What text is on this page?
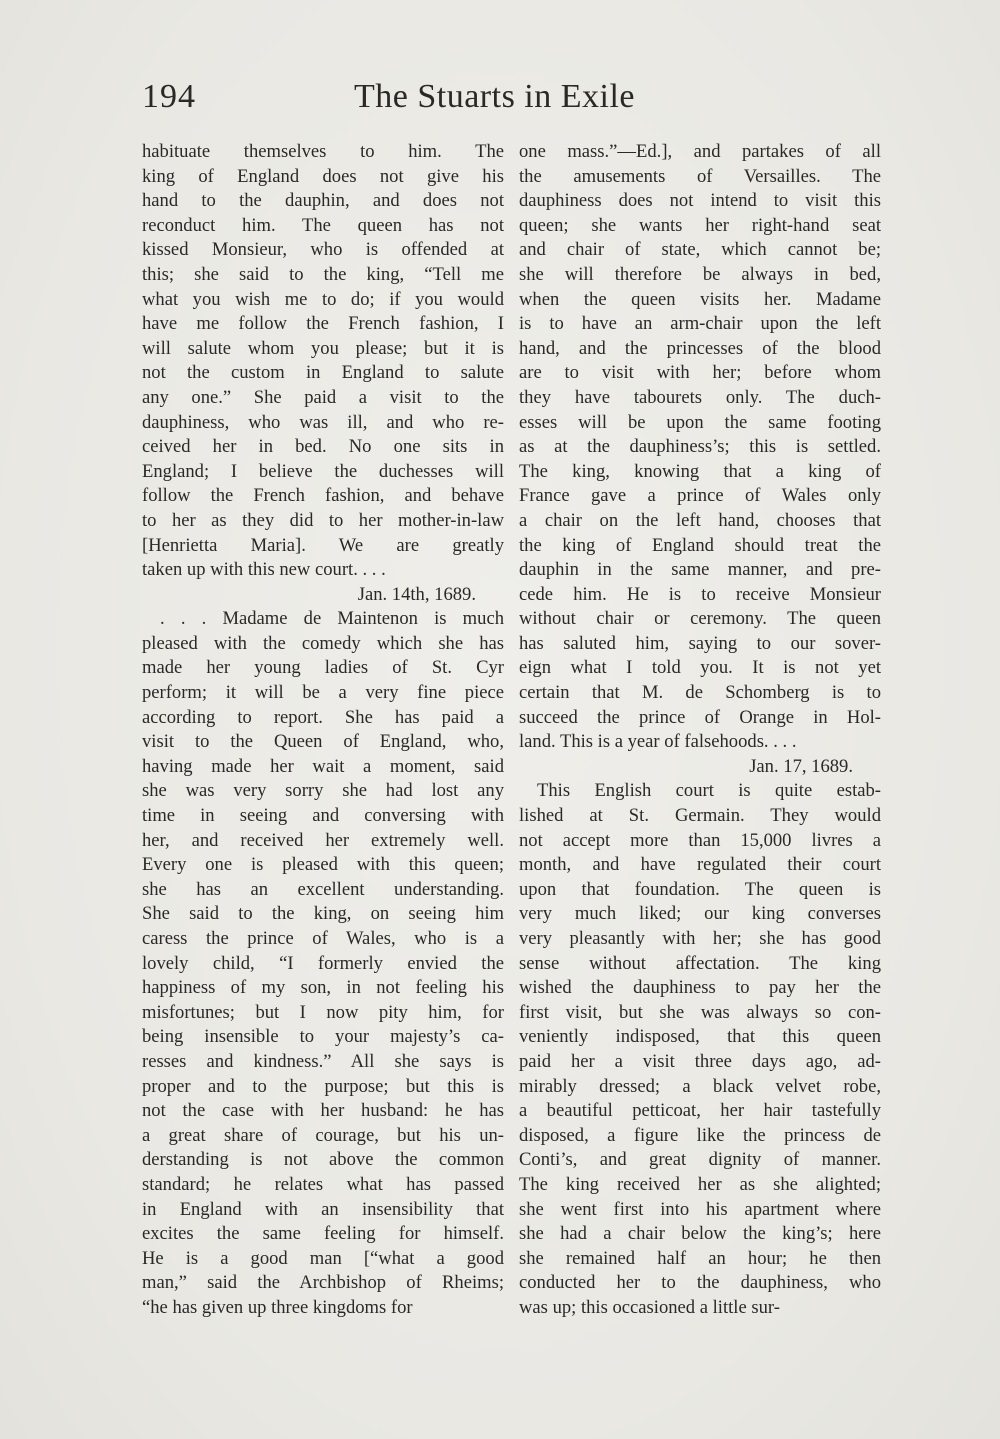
194	The Stuarts in Exile
habituate themselves to him. The
king of England does not give his
hand to the dauphin, and does not
reconduct him. The queen has not
kissed Monsieur, who is offended at
this; she said to the king, “Tell me
what you wish me to do; if you would
have me follow the French fashion, I
will salute whom you please; but it is
not the custom in England to salute
any one.” She paid a visit to the
dauphiness, who was ill, and who re-
ceived her in bed. No one sits in
England; I believe the duchesses will
follow the French fashion, and behave
to her as they did to her mother-in-law
[Henrietta Maria]. We are greatly
taken up with this new court. . . .
Jan. 14th, 1689.
. . . Madame de Maintenon is much
pleased with the comedy which she has
made her young ladies of St. Cyr
perform; it will be a very fine piece
according to report. She has paid a
visit to the Queen of England, who,
having made her wait a moment, said
she was very sorry she had lost any
time in seeing and conversing with
her, and received her extremely well.
Every one is pleased with this queen;
she has an excellent understanding.
She said to the king, on seeing him
caress the prince of Wales, who is a
lovely child, “I formerly envied the
happiness of my son, in not feeling his
misfortunes; but I now pity him, for
being insensible to your majesty’s ca-
resses and kindness.” All she says is
proper and to the purpose; but this is
not the case with her husband: he has
a great share of courage, but his un-
derstanding is not above the common
standard; he relates what has passed
in England with an insensibility that
excites the same feeling for himself.
He is a good man [“what a good
man,” said the Archbishop of Rheims;
“he has given up three kingdoms for
one mass.”—Ed.], and partakes of all
the amusements of Versailles. The
dauphiness does not intend to visit this
queen; she wants her right-hand seat
and chair of state, which cannot be;
she will therefore be always in bed,
when the queen visits her. Madame
is to have an arm-chair upon the left
hand, and the princesses of the blood
are to visit with her; before whom
they have tabourets only. The duch-
esses will be upon the same footing
as at the dauphiness’s; this is settled.
The king, knowing that a king of
France gave a prince of Wales only
a chair on the left hand, chooses that
the king of England should treat the
dauphin in the same manner, and pre-
cede him. He is to receive Monsieur
without chair or ceremony. The queen
has saluted him, saying to our sover-
eign what I told you. It is not yet
certain that M. de Schomberg is to
succeed the prince of Orange in Hol-
land. This is a year of falsehoods. . . .
Jan. 17, 1689.
This English court is quite estab-
lished at St. Germain. They would
not accept more than 15,000 livres a
month, and have regulated their court
upon that foundation. The queen is
very much liked; our king converses
very pleasantly with her; she has good
sense without affectation. The king
wished the dauphiness to pay her the
first visit, but she was always so con-
veniently indisposed, that this queen
paid her a visit three days ago, ad-
mirably dressed; a black velvet robe,
a beautiful petticoat, her hair tastefully
disposed, a figure like the princess de
Conti’s, and great dignity of manner.
The king received her as she alighted;
she went first into his apartment where
she had a chair below the king’s; here
she remained half an hour; he then
conducted her to the dauphiness, who
was up; this occasioned a little sur-
